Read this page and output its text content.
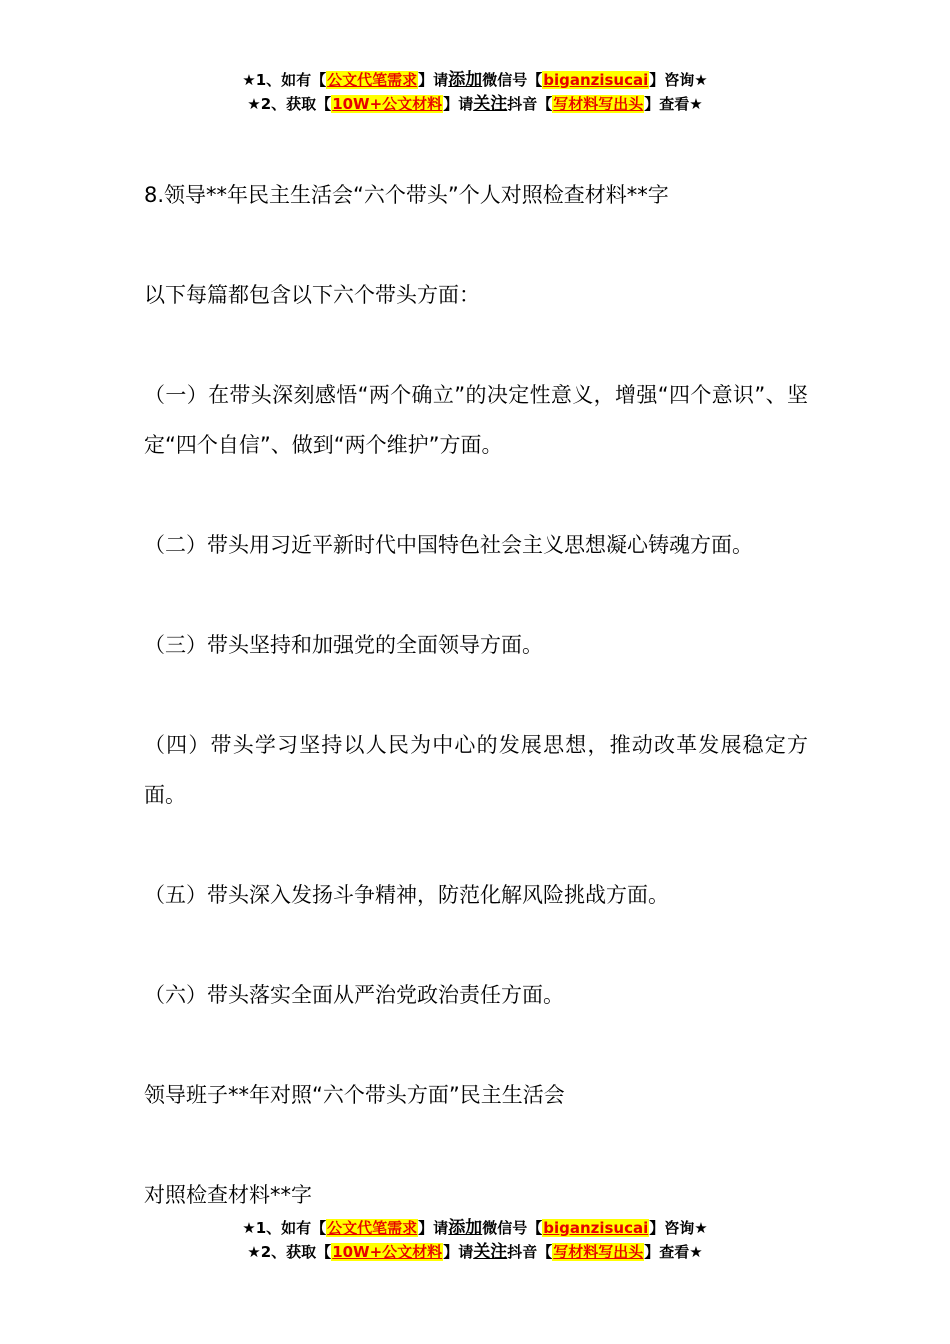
★1、如有【公文代笔需求】请添加微信号【biganzisucai】咨询★
★2、获取【10W+公文材料】请关注抖音【写材料写出头】查看★

8.领导**年民主生活会“六个带头”个人对照检查材料**字

以下每篇都包含以下六个带头方面：

（一）在带头深刻感悟“两个确立”的决定性意义，增强“四个意识”、坚定“四个自信”、做到“两个维护”方面。

（二）带头用习近平新时代中国特色社会主义思想凝心铸魂方面。

（三）带头坚持和加强党的全面领导方面。

（四）带头学习坚持以人民为中心的发展思想，推动改革发展稳定方面。

（五）带头深入发扬斗争精神，防范化解风险挑战方面。

（六）带头落实全面从严治党政治责任方面。

领导班子**年对照“六个带头方面”民主生活会

对照检查材料**字

★1、如有【公文代笔需求】请添加微信号【biganzisucai】咨询★
★2、获取【10W+公文材料】请关注抖音【写材料写出头】查看★
